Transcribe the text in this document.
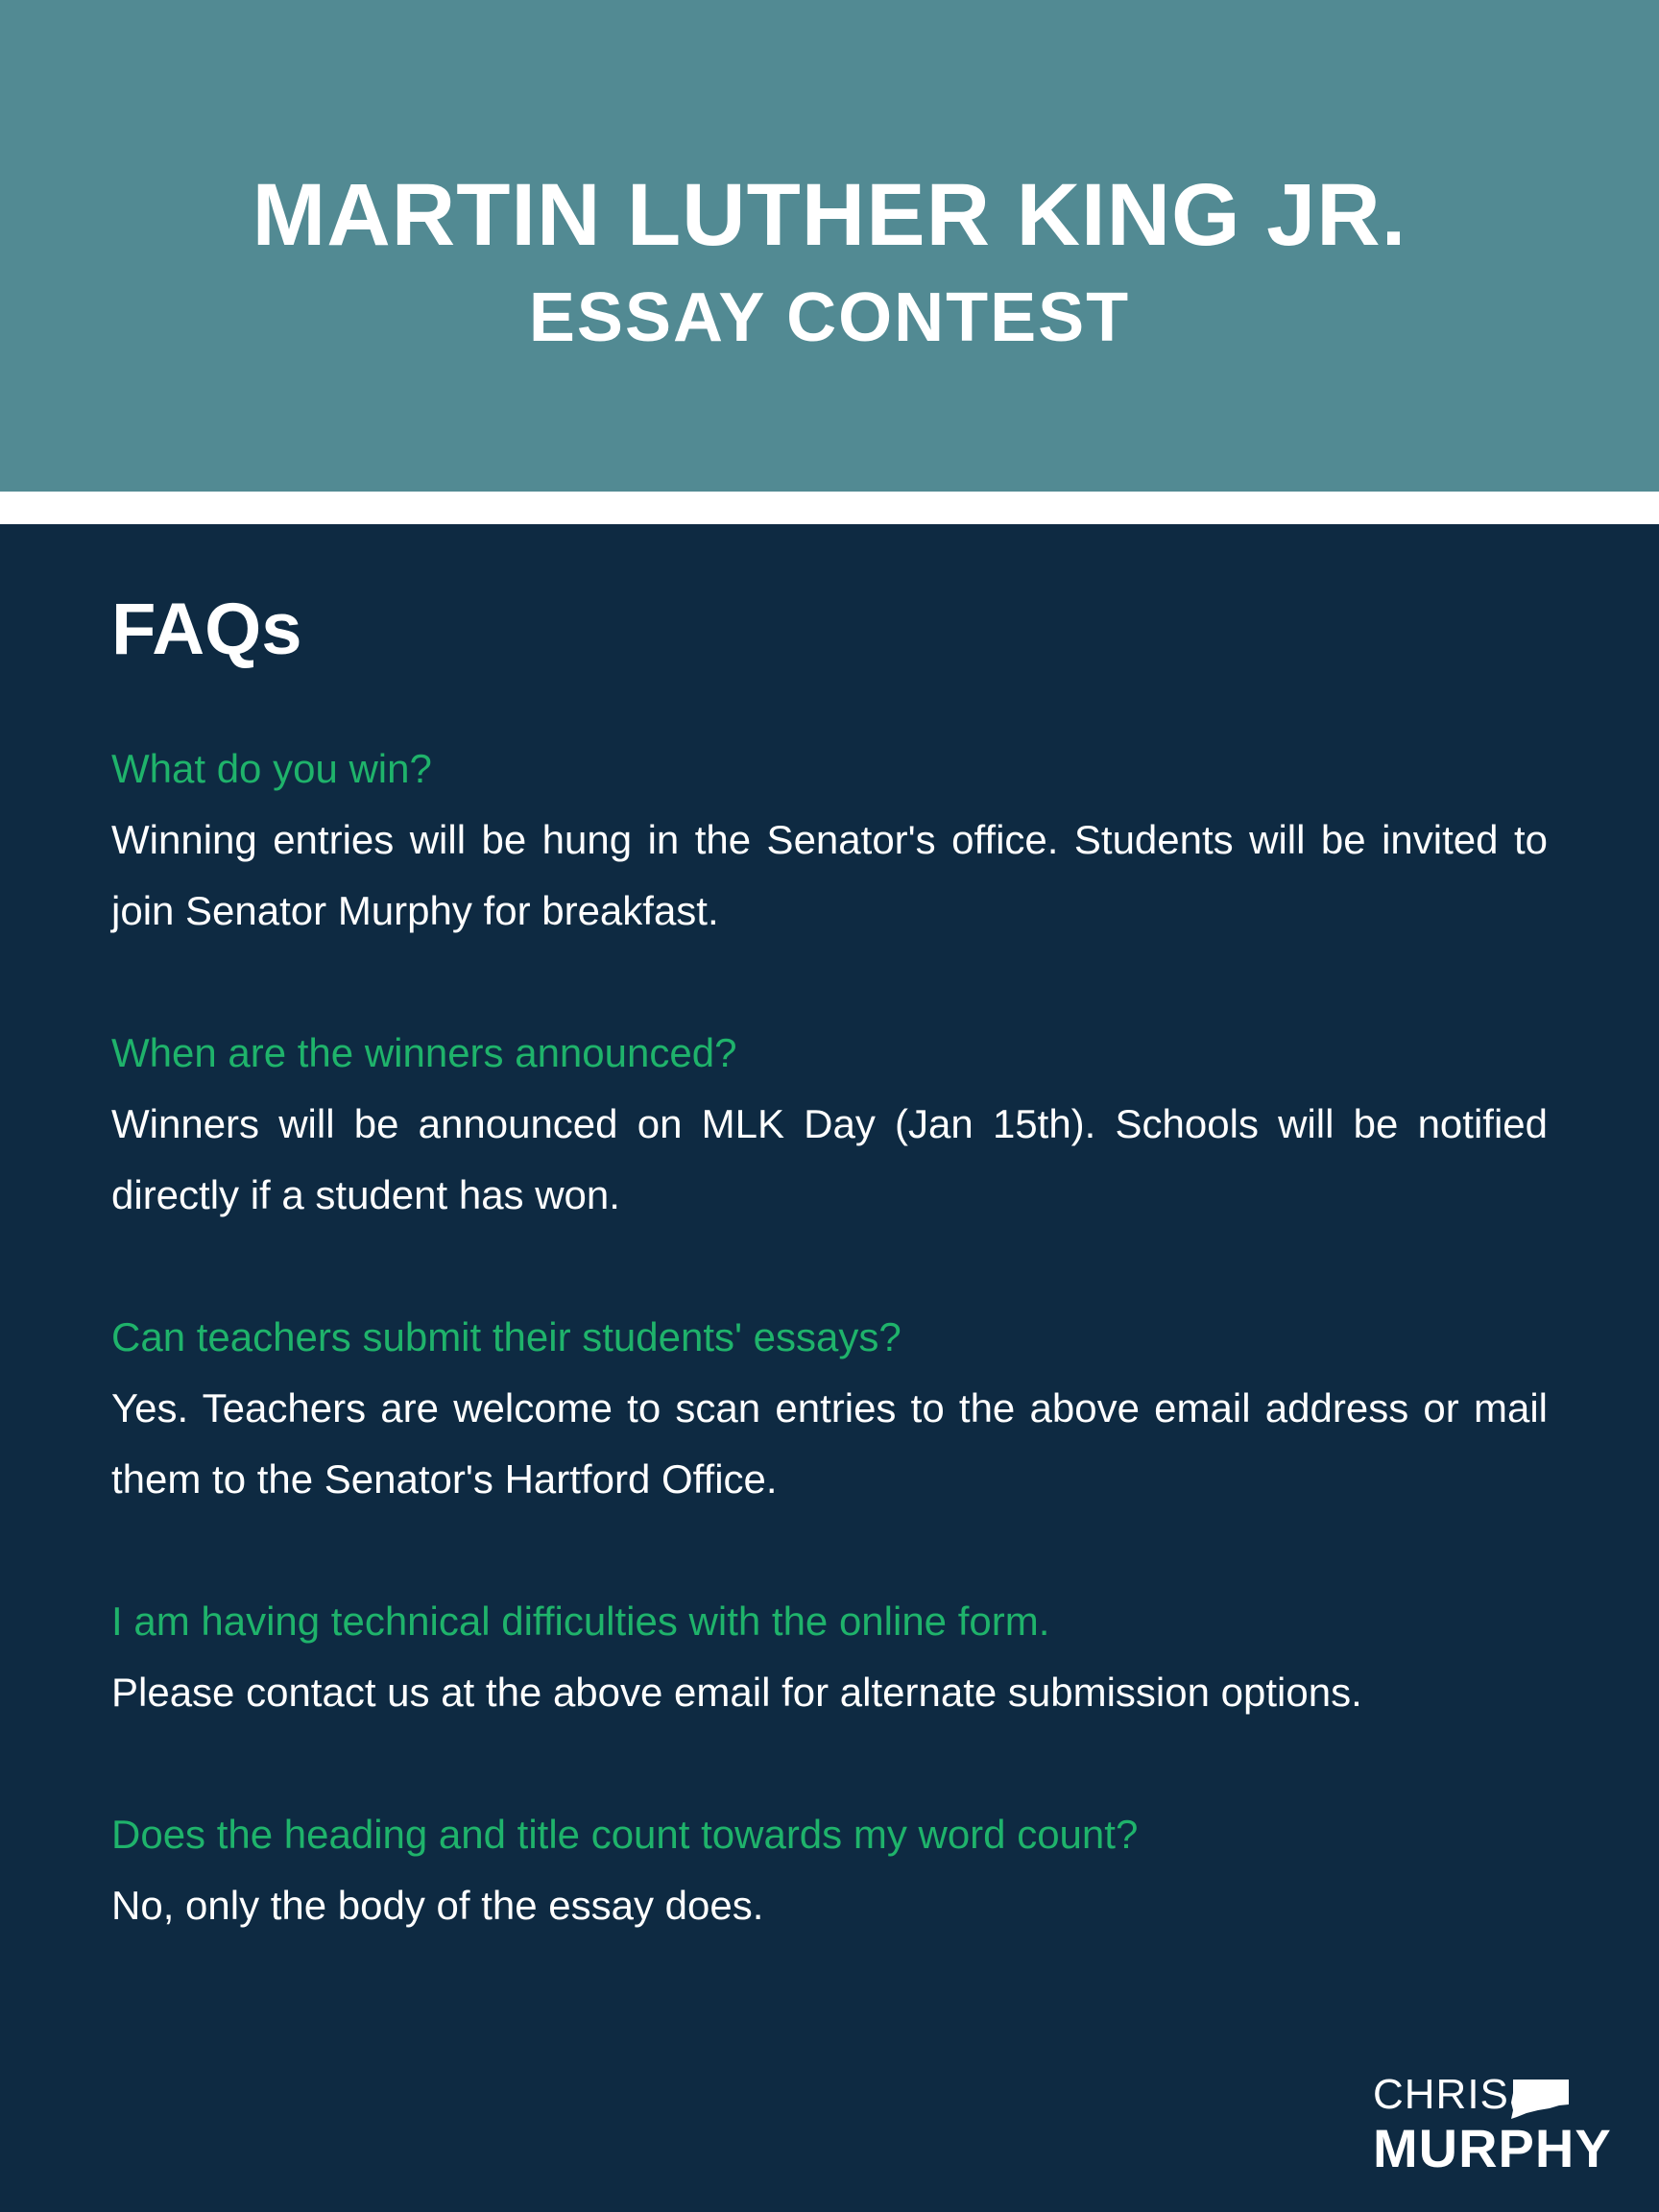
MARTIN LUTHER KING JR.
ESSAY CONTEST
FAQs
What do you win?
Winning entries will be hung in the Senator's office. Students will be invited to join Senator Murphy for breakfast.
When are the winners announced?
Winners will be announced on MLK Day (Jan 15th). Schools will be notified directly if a student has won.
Can teachers submit their students' essays?
Yes. Teachers are welcome to scan entries to the above email address or mail them to the Senator's Hartford Office.
I am having technical difficulties with the online form.
Please contact us at the above email for alternate submission options.
Does the heading and title count towards my word count?
No, only the body of the essay does.
CHRIS
MURPHY
